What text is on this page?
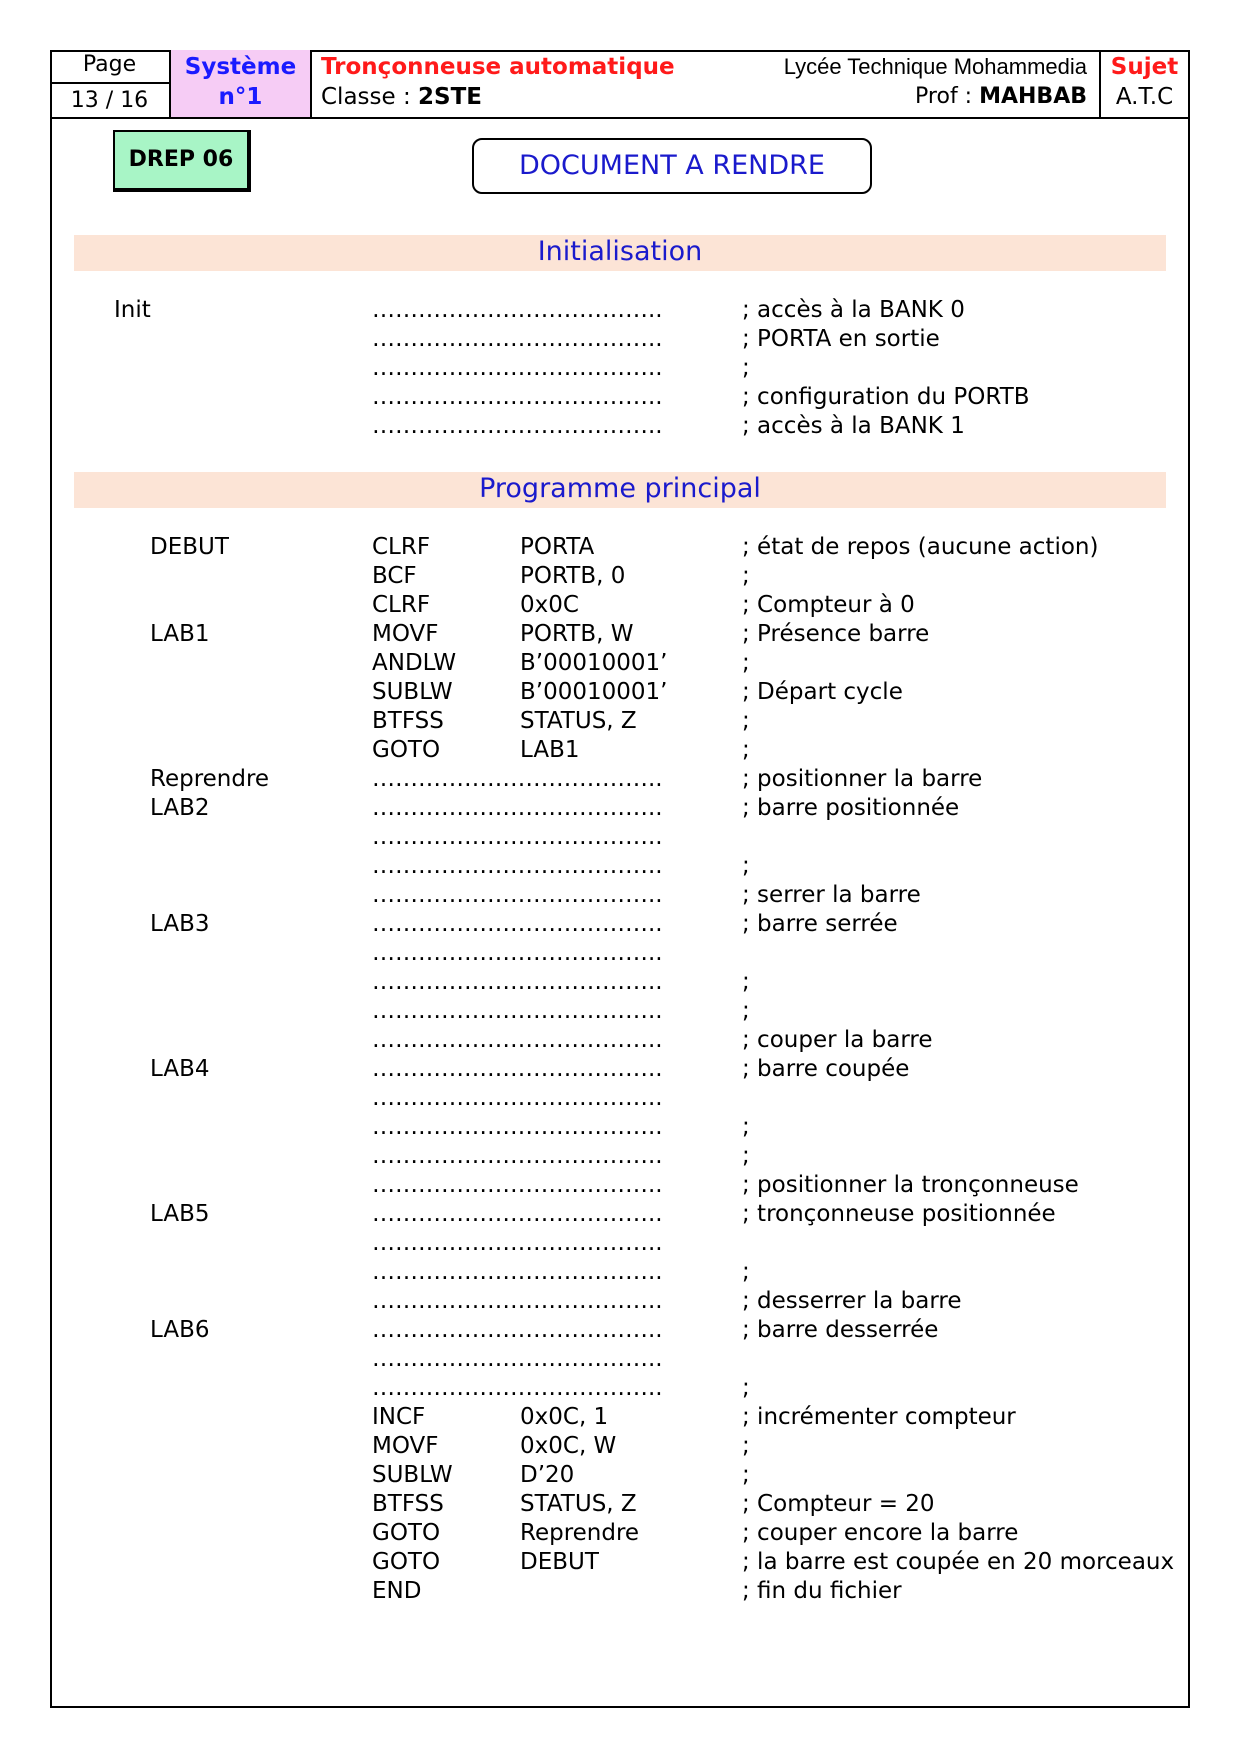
Page
13 / 16
Système
n°1
Tronçonneuse automatique
Classe : 2STE
Lycée Technique Mohammedia
Prof : MAHBAB
Sujet
A.T.C
DREP 06	DOCUMENT A RENDRE
Initialisation
Programme principal
Init	………………………………..	; accès à la BANK 0
………………………………..	; PORTA en sortie
………………………………..	;
………………………………..	; configuration du PORTB
………………………………..	; accès à la BANK 1
DEBUT	CLRF	PORTA	; état de repos (aucune action)
BCF	PORTB, 0	;
CLRF	0x0C	; Compteur à 0
LAB1	MOVF	PORTB, W	; Présence barre
ANDLW	B’00010001’	;
SUBLW	B’00010001’	; Départ cycle
BTFSS	STATUS, Z	;
GOTO	LAB1	;
Reprendre	………………………………..	; positionner la barre
LAB2	………………………………..	; barre positionnée
………………………………..
………………………………..	;
………………………………..	; serrer la barre
LAB3	………………………………..	; barre serrée
………………………………..
………………………………..	;
………………………………..	;
………………………………..	; couper la barre
LAB4	………………………………..	; barre coupée
………………………………..
………………………………..	;
………………………………..	;
………………………………..	; positionner la tronçonneuse
LAB5	………………………………..	; tronçonneuse positionnée
………………………………..
………………………………..	;
………………………………..	; desserrer la barre
LAB6	………………………………..	; barre desserrée
………………………………..
………………………………..	;
INCF	0x0C, 1	; incrémenter compteur
MOVF	0x0C, W	;
SUBLW	D’20	;
BTFSS	STATUS, Z	; Compteur = 20
GOTO	Reprendre	; couper encore la barre
GOTO	DEBUT	; la barre est coupée en 20 morceaux
END	; fin du fichier
